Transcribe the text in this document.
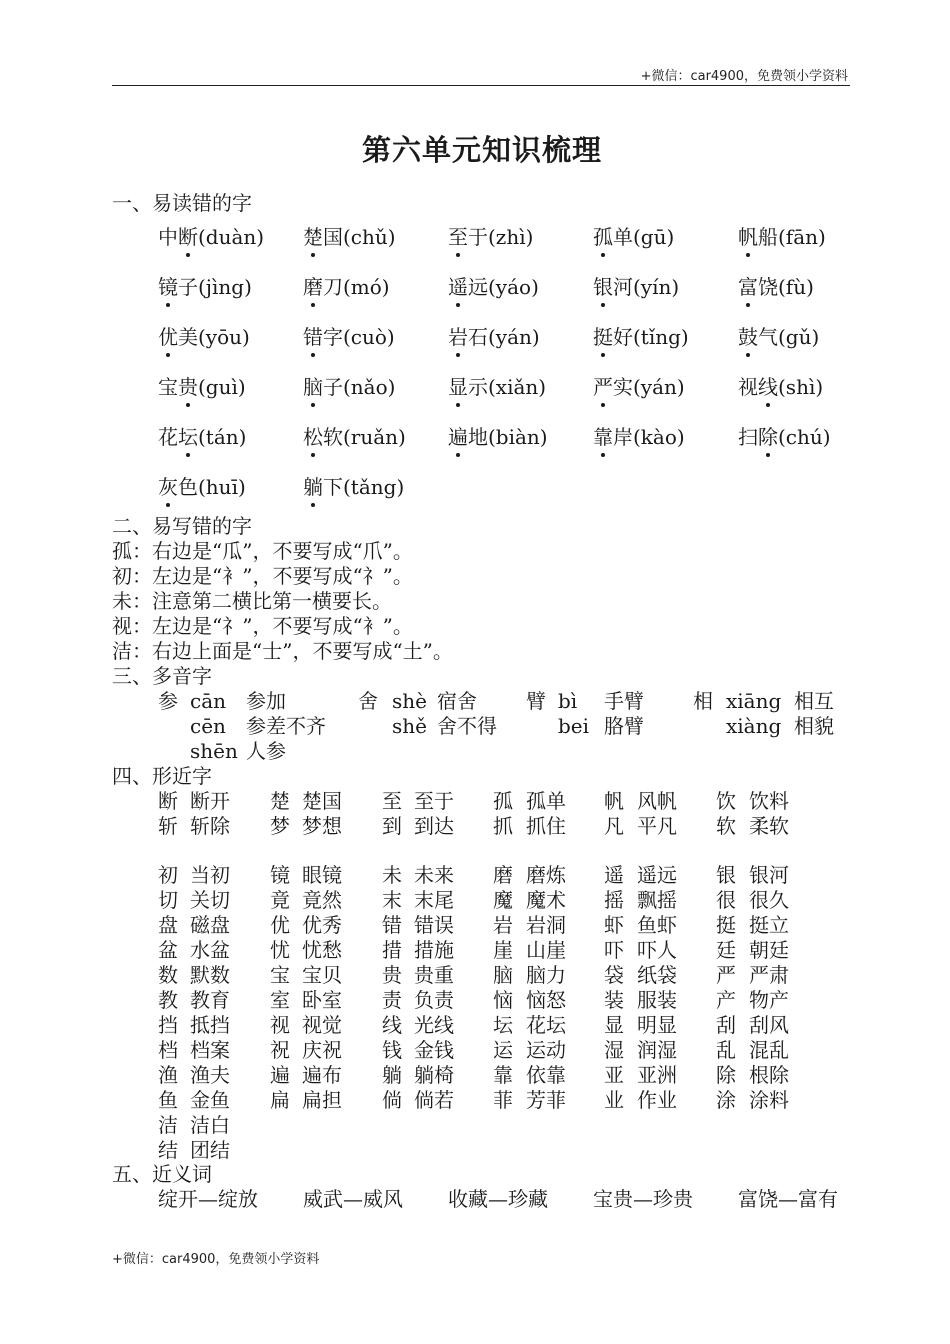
+微信：car4900，免费领小学资料
第六单元知识梳理
一、易读错的字
中断(duàn) 楚国(chǔ)	至于(zhì)	孤单(gū)	帆船(fān)
镜子(jìng)	磨刀(mó)	遥远(yáo)	银河(yín)	富饶(fù)
优美(yōu)	错字(cuò)	岩石(yán)	挺好(tǐng) 鼓气(gǔ)
宝贵(guì)	脑子(nǎo)	显示(xiǎn) 严实(yán)	视线(shì)
花坛(tán)	松软(ruǎn) 遍地(biàn) 靠岸(kào)	扫除(chú)
灰色(huī)	躺下(tǎng)
二、易写错的字
孤：右边是“瓜”，不要写成“爪”。
初：左边是“衤”，不要写成“礻”。
未：注意第二横比第一横要长。
视：左边是“礻”，不要写成“衤”。
洁：右边上面是“士”，不要写成“土”。
三、多音字
参 cān 参加	舍 shè 宿舍 臂 bì 手臂 相 xiāng 相互
cēn 参差不齐	shě 舍不得	bei 胳臂	xiàng 相貌
shēn 人参
四、形近字
断 断开 楚 楚国 至 至于 孤 孤单 帆 风帆 饮 饮料
斩 斩除 梦 梦想 到 到达 抓 抓住 凡 平凡 软 柔软
初 当初 镜 眼镜 未 未来 磨 磨炼 遥 遥远 银 银河
切 关切 竟 竟然 末 末尾 魔 魔术 摇 飘摇 很 很久
盘 磁盘 优 优秀 错 错误 岩 岩洞 虾 鱼虾 挺 挺立
盆 水盆 忧 忧愁 措 措施 崖 山崖 吓 吓人 廷 朝廷
数 默数 宝 宝贝 贵 贵重 脑 脑力 袋 纸袋 严 严肃
教 教育 室 卧室 责 负责 恼 恼怒 装 服装 产 物产
挡 抵挡 视 视觉 线 光线 坛 花坛 显 明显 刮 刮风
档 档案 祝 庆祝 钱 金钱 运 运动 湿 润湿 乱 混乱
渔 渔夫 遍 遍布 躺 躺椅 靠 依靠 亚 亚洲 除 根除
鱼 金鱼 扁 扁担 倘 倘若 菲 芳菲 业 作业 涂 涂料
洁 洁白
结 团结
五、近义词
绽开—绽放 威武—威风 收藏—珍藏 宝贵—珍贵 富饶—富有
+微信：car4900，免费领小学资料
